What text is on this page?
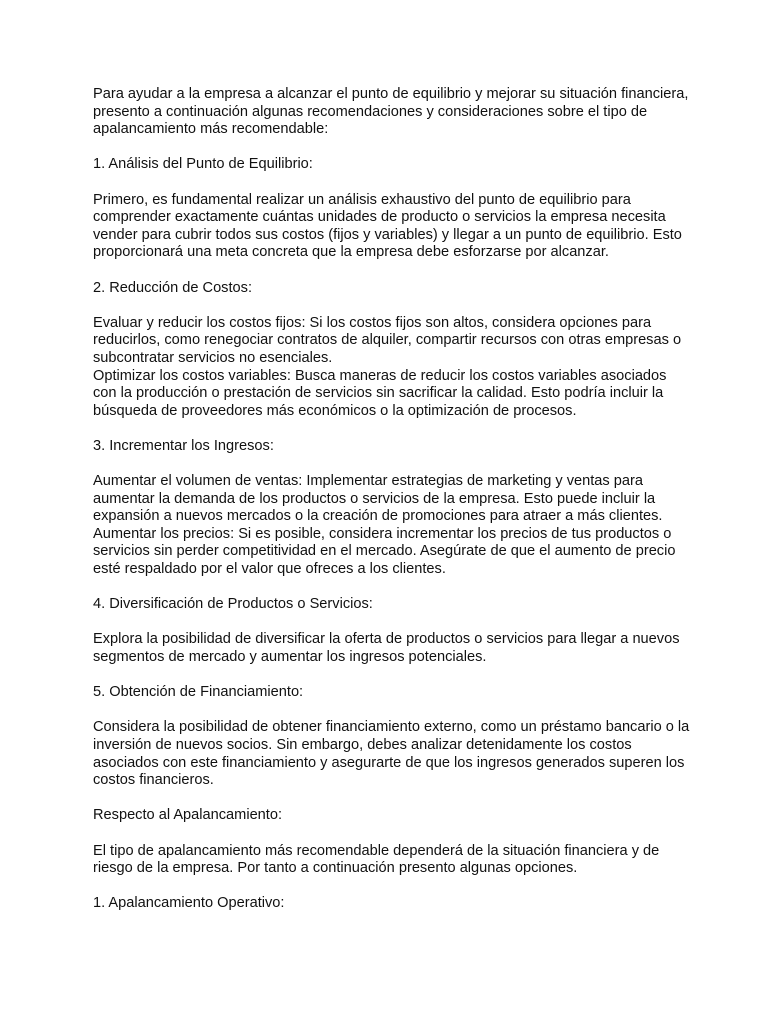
Para ayudar a la empresa a alcanzar el punto de equilibrio y mejorar su situación financiera,
presento a continuación algunas recomendaciones y consideraciones sobre el tipo de
apalancamiento más recomendable:

1. Análisis del Punto de Equilibrio:

Primero, es fundamental realizar un análisis exhaustivo del punto de equilibrio para
comprender exactamente cuántas unidades de producto o servicios la empresa necesita
vender para cubrir todos sus costos (fijos y variables) y llegar a un punto de equilibrio. Esto
proporcionará una meta concreta que la empresa debe esforzarse por alcanzar.

2. Reducción de Costos:

Evaluar y reducir los costos fijos: Si los costos fijos son altos, considera opciones para
reducirlos, como renegociar contratos de alquiler, compartir recursos con otras empresas o
subcontratar servicios no esenciales.
Optimizar los costos variables: Busca maneras de reducir los costos variables asociados
con la producción o prestación de servicios sin sacrificar la calidad. Esto podría incluir la
búsqueda de proveedores más económicos o la optimización de procesos.

3. Incrementar los Ingresos:

Aumentar el volumen de ventas: Implementar estrategias de marketing y ventas para
aumentar la demanda de los productos o servicios de la empresa. Esto puede incluir la
expansión a nuevos mercados o la creación de promociones para atraer a más clientes.
Aumentar los precios: Si es posible, considera incrementar los precios de tus productos o
servicios sin perder competitividad en el mercado. Asegúrate de que el aumento de precio
esté respaldado por el valor que ofreces a los clientes.

4. Diversificación de Productos o Servicios:

Explora la posibilidad de diversificar la oferta de productos o servicios para llegar a nuevos
segmentos de mercado y aumentar los ingresos potenciales.

5. Obtención de Financiamiento:

Considera la posibilidad de obtener financiamiento externo, como un préstamo bancario o la
inversión de nuevos socios. Sin embargo, debes analizar detenidamente los costos
asociados con este financiamiento y asegurarte de que los ingresos generados superen los
costos financieros.

Respecto al Apalancamiento:

El tipo de apalancamiento más recomendable dependerá de la situación financiera y de
riesgo de la empresa. Por tanto a continuación presento algunas opciones.

1. Apalancamiento Operativo:
